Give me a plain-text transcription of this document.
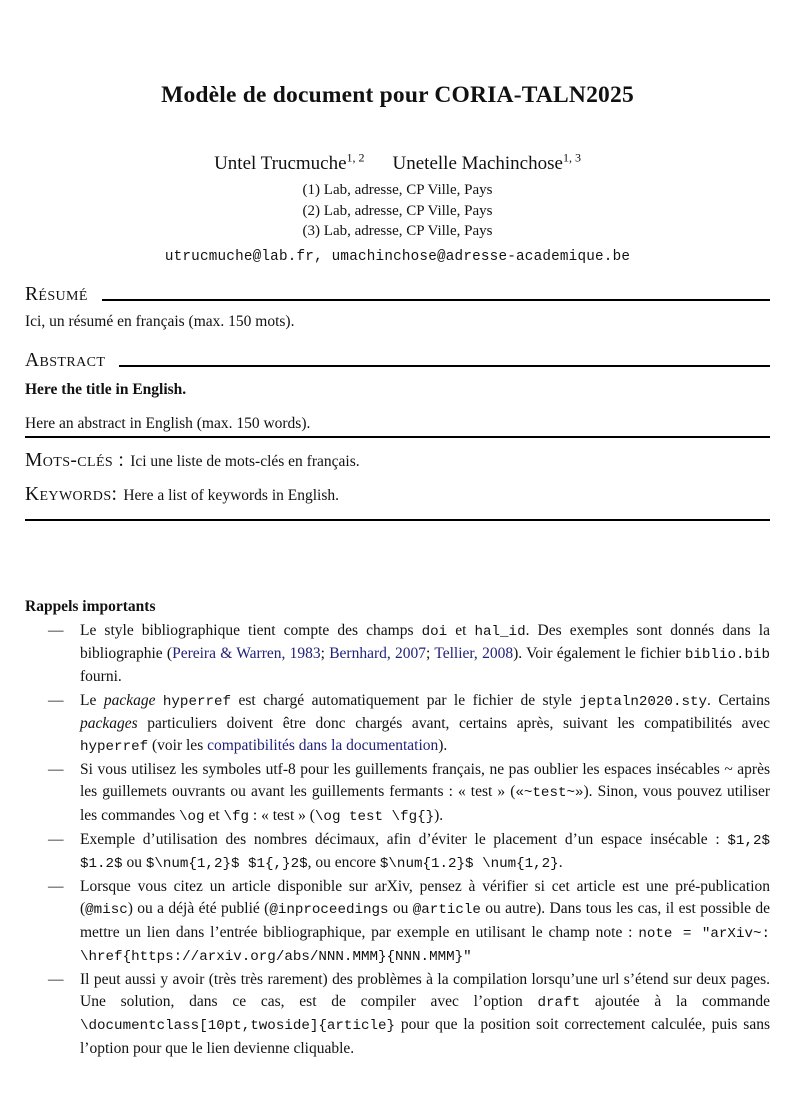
Modèle de document pour CORIA-TALN2025
Untel Trucmuche$^{1, 2}$ Unetelle Machinchose$^{1, 3}$
(1) Lab, adresse, CP Ville, Pays
(2) Lab, adresse, CP Ville, Pays
(3) Lab, adresse, CP Ville, Pays
utrucmuche@lab.fr, umachinchose@adresse-academique.be
Résumé

Ici, un résumé en français (max. 150 mots).

Abstract

Here the title in English.

Here an abstract in English (max. 150 words).

Mots-clés : Ici une liste de mots-clés en français.

Keywords: Here a list of keywords in English.

Rappels importants

— Le style bibliographique tient compte des champs doi et hal_id. Des exemples sont donnés dans la bibliographie (Pereira & Warren, 1983; Bernhard, 2007; Tellier, 2008). Voir également le fichier biblio.bib fourni.
— Le package hyperref est chargé automatiquement par le fichier de style jeptaln2020.sty. Certains packages particuliers doivent être donc chargés avant, certains après, suivant les compatibilités avec hyperref (voir les compatibilités dans la documentation).
— Si vous utilisez les symboles utf-8 pour les guillements français, ne pas oublier les espaces insécables ~ après les guillemets ouvrants ou avant les guillements fermants : « test » («~test~»). Sinon, vous pouvez utiliser les commandes \og et \fg : « test » (\og test \fg{}).
— Exemple d’utilisation des nombres décimaux, afin d’éviter le placement d’un espace insécable : $1,2$ $1.2$ ou $\num{1,2}$ $1{,}2$, ou encore $\num{1.2}$ \num{1,2}.
— Lorsque vous citez un article disponible sur arXiv, pensez à vérifier si cet article est une pré-publication (@misc) ou a déjà été publié (@inproceedings ou @article ou autre). Dans tous les cas, il est possible de mettre un lien dans l’entrée bibliographique, par exemple en utilisant le champ note : note = "arXiv~: \href{https://arxiv.org/abs/NNN.MMM}{NNN.MMM}"
— Il peut aussi y avoir (très très rarement) des problèmes à la compilation lorsqu’une url s’étend sur deux pages. Une solution, dans ce cas, est de compiler avec l’option draft ajoutée à la commande \documentclass[10pt,twoside]{article} pour que la position soit correctement calculée, puis sans l’option pour que le lien devienne cliquable.
